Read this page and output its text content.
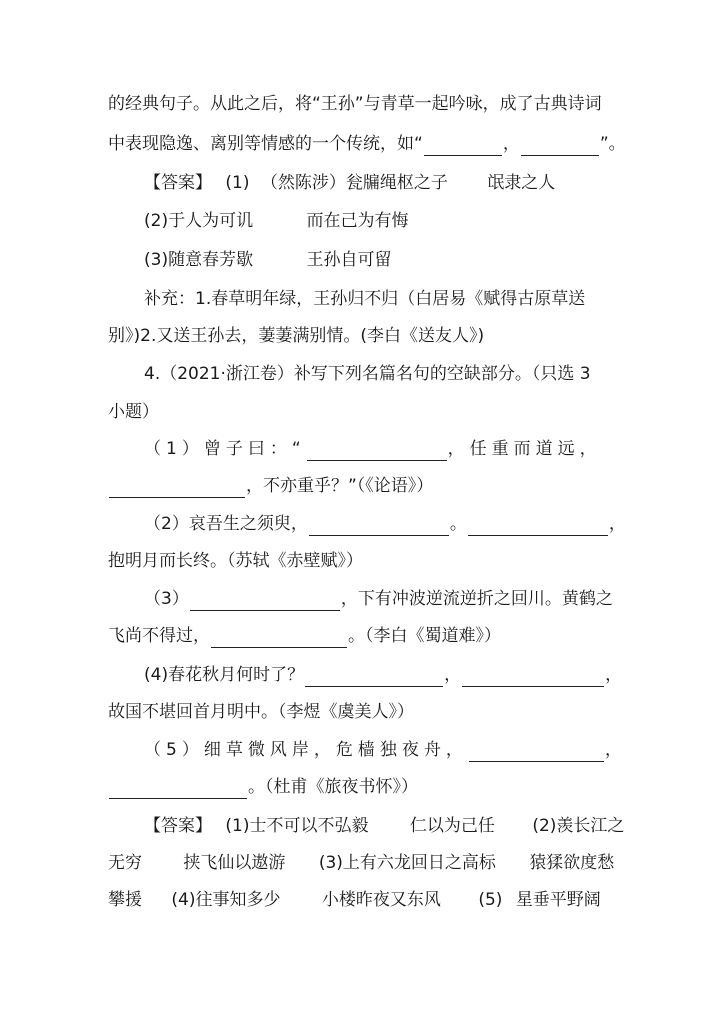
的经典句子。从此之后，将“王孙”与青草一起吟咏，成了古典诗词
中表现隐逸、离别等情感的一个传统，如“	，	”。
【答案】 (1) （然陈涉）瓮牖绳枢之子 氓隶之人
(2)于人为可讥	而在己为有悔
(3)随意春芳歇	王孙自可留
补充：1.春草明年绿，王孙归不归（白居易《赋得古原草送
别》)2.又送王孙去，萋萋满别情。(李白《送友人》)
4.（2021·浙江卷）补写下列名篇名句的空缺部分。（只选 3
小题）
（1）曾子曰：“	，任重而道远，
，不亦重乎？”（《论语》）
（2）哀吾生之须臾，	。	，
抱明月而长终。（苏轼《赤壁赋》）
（3）	，下有冲波逆流逆折之回川。黄鹤之
飞尚不得过，	。（李白《蜀道难》）
(4)春花秋月何时了？	，	，
故国不堪回首月明中。（李煜《虞美人》）
（5）细草微风岸，危樯独夜舟，	，
。（杜甫《旅夜书怀》）
【答案】 (1)士不可以不弘毅 仁以为己任 (2)羡长江之
无穷 挟飞仙以遨游 (3)上有六龙回日之高标 猿猱欲度愁
攀援 (4)往事知多少 小楼昨夜又东风 (5) 星垂平野阔
